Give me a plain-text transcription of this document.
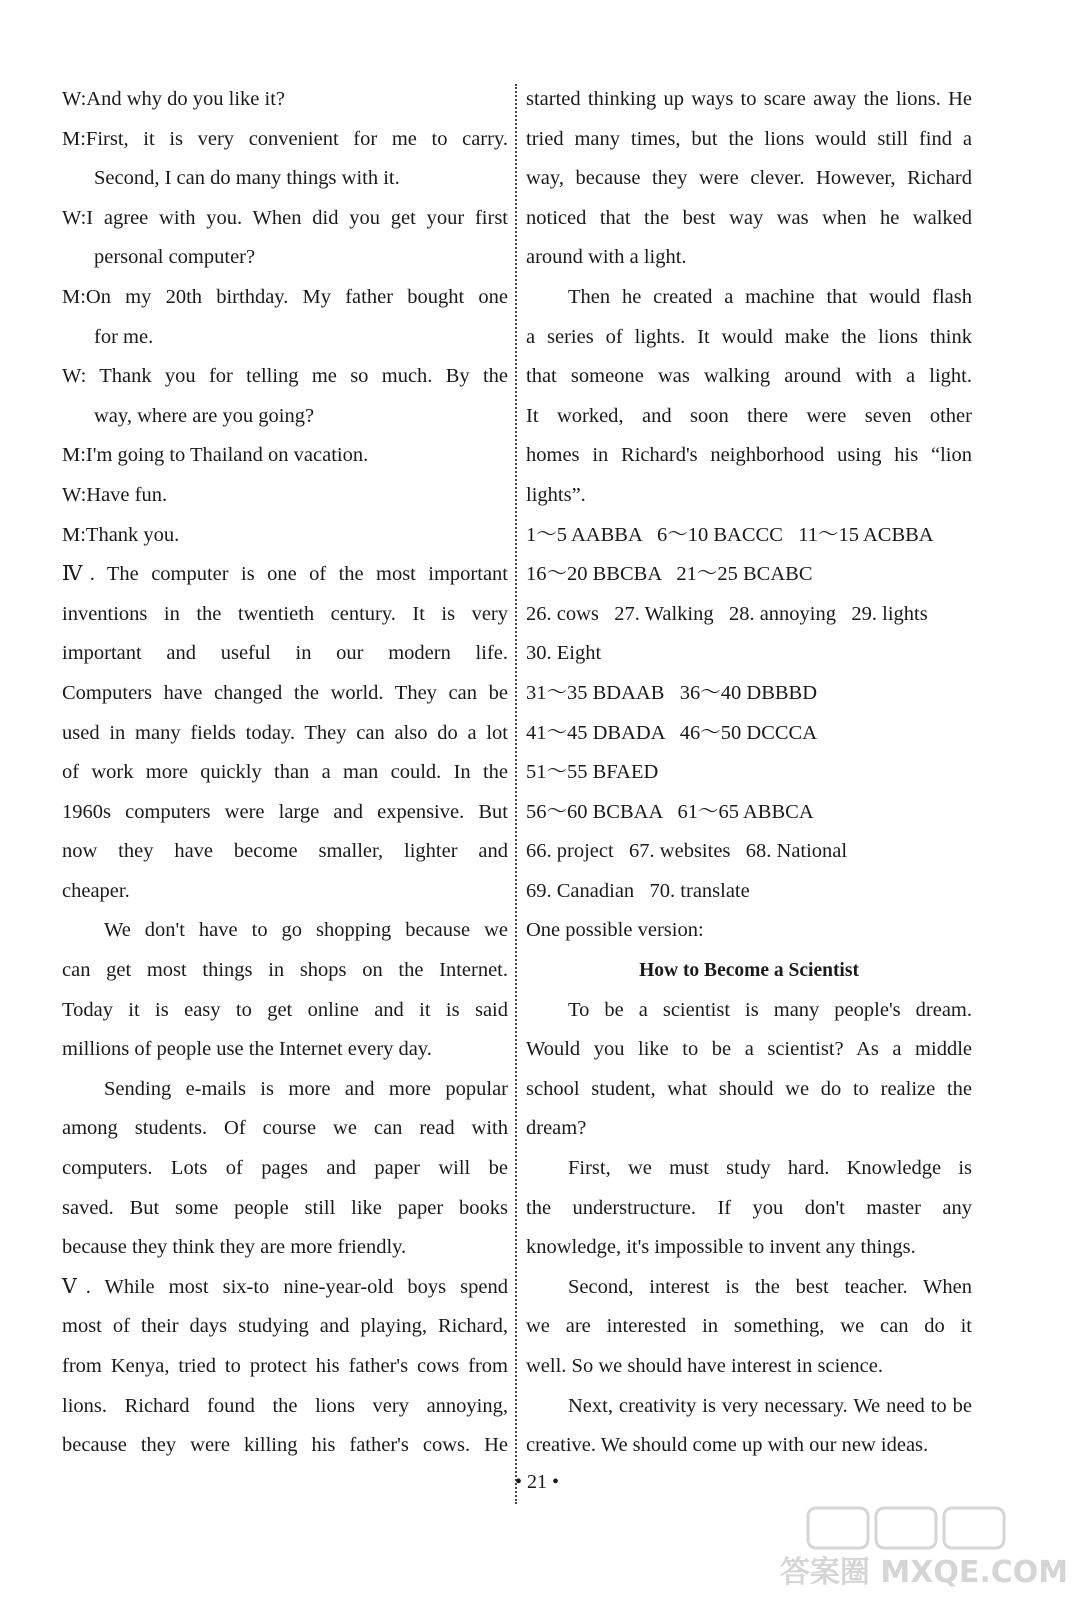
W:And why do you like it?
M:First, it is very convenient for me to carry.
Second, I can do many things with it.
W:I agree with you. When did you get your first
personal computer?
M:On my 20th birthday. My father bought one
for me.
W: Thank you for telling me so much. By the
way, where are you going?
M:I'm going to Thailand on vacation.
W:Have fun.
M:Thank you.
Ⅳ. The computer is one of the most important
inventions in the twentieth century. It is very
important and useful in our modern life.
Computers have changed the world. They can be
used in many fields today. They can also do a lot
of work more quickly than a man could. In the
1960s computers were large and expensive. But
now they have become smaller, lighter and
cheaper.
We don't have to go shopping because we
can get most things in shops on the Internet.
Today it is easy to get online and it is said
millions of people use the Internet every day.
Sending e-mails is more and more popular
among students. Of course we can read with
computers. Lots of pages and paper will be
saved. But some people still like paper books
because they think they are more friendly.
Ⅴ. While most six-to nine-year-old boys spend
most of their days studying and playing, Richard,
from Kenya, tried to protect his father's cows from
lions. Richard found the lions very annoying,
because they were killing his father's cows. He
started thinking up ways to scare away the lions. He
tried many times, but the lions would still find a
way, because they were clever. However, Richard
noticed that the best way was when he walked
around with a light.
Then he created a machine that would flash
a series of lights. It would make the lions think
that someone was walking around with a light.
It worked, and soon there were seven other
homes in Richard's neighborhood using his “lion
lights”.
1～5 AABBA   6～10 BACCC   11～15 ACBBA
16～20 BBCBA   21～25 BCABC
26. cows   27. Walking   28. annoying   29. lights
30. Eight
31～35 BDAAB   36～40 DBBBD
41～45 DBADA   46～50 DCCCA
51～55 BFAED
56～60 BCBAA   61～65 ABBCA
66. project   67. websites   68. National
69. Canadian   70. translate
One possible version:
How to Become a Scientist
To be a scientist is many people's dream.
Would you like to be a scientist? As a middle
school student, what should we do to realize the
dream?
First, we must study hard. Knowledge is
the understructure. If you don't master any
knowledge, it's impossible to invent any things.
Second, interest is the best teacher. When
we are interested in something, we can do it
well. So we should have interest in science.
Next, creativity is very necessary. We need to be
creative. We should come up with our new ideas.
• 21 •
答案圈 MXQE.COM
